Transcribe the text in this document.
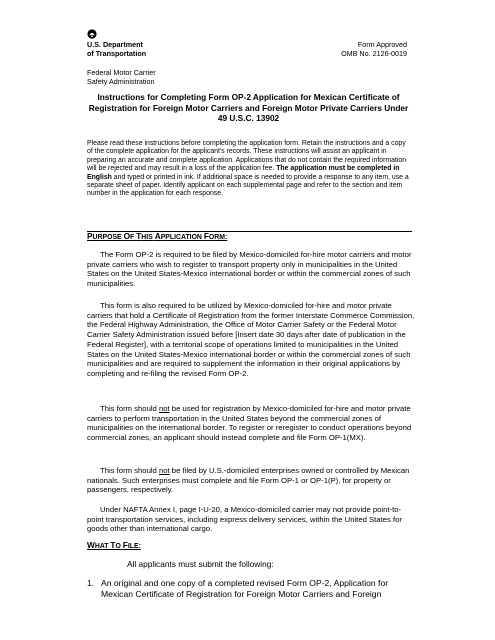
U.S. Department
of Transportation
Form Approved
OMB No. 2126-0019
Federal Motor Carrier
Safety Administration
Instructions for Completing Form OP-2 Application for Mexican Certificate of Registration for Foreign Motor Carriers and Foreign Motor Private Carriers Under 49 U.S.C. 13902
Please read these instructions before completing the application form. Retain the instructions and a copy of the complete application for the applicant's records. These instructions will assist an applicant in preparing an accurate and complete application. Applications that do not contain the required information will be rejected and may result in a loss of the application fee. The application must be completed in English and typed or printed in ink. If additional space is needed to provide a response to any item, use a separate sheet of paper. Identify applicant on each supplemental page and refer to the section and item number in the application for each response.
PURPOSE OF THIS APPLICATION FORM:
The Form OP-2 is required to be filed by Mexico-domiciled for-hire motor carriers and motor private carriers who wish to register to transport property only in municipalities in the United States on the United States-Mexico international border or within the commercial zones of such municipalities.
This form is also required to be utilized by Mexico-domiciled for-hire and motor private carriers that hold a Certificate of Registration from the former Interstate Commerce Commission, the Federal Highway Administration, the Office of Motor Carrier Safety or the Federal Motor Carrier Safety Administration issued before [Insert date 30 days after date of publication in the Federal Register], with a territorial scope of operations limited to municipalities in the United States on the United States-Mexico international border or within the commercial zones of such municipalities and are required to supplement the information in their original applications by completing and re-filing the revised Form OP-2.
This form should not be used for registration by Mexico-domiciled for-hire and motor private carriers to perform transportation in the United States beyond the commercial zones of municipalities on the international border. To register or reregister to conduct operations beyond commercial zones, an applicant should instead complete and file Form OP-1(MX).
This form should not be filed by U.S.-domiciled enterprises owned or controlled by Mexican nationals. Such enterprises must complete and file Form OP-1 or OP-1(P), for property or passengers, respectively.
Under NAFTA Annex I, page I-U-20, a Mexico-domiciled carrier may not provide point-to-point transportation services, including express delivery services, within the United States for goods other than international cargo.
WHAT TO FILE:
All applicants must submit the following:
1. An original and one copy of a completed revised Form OP-2, Application for Mexican Certificate of Registration for Foreign Motor Carriers and Foreign
